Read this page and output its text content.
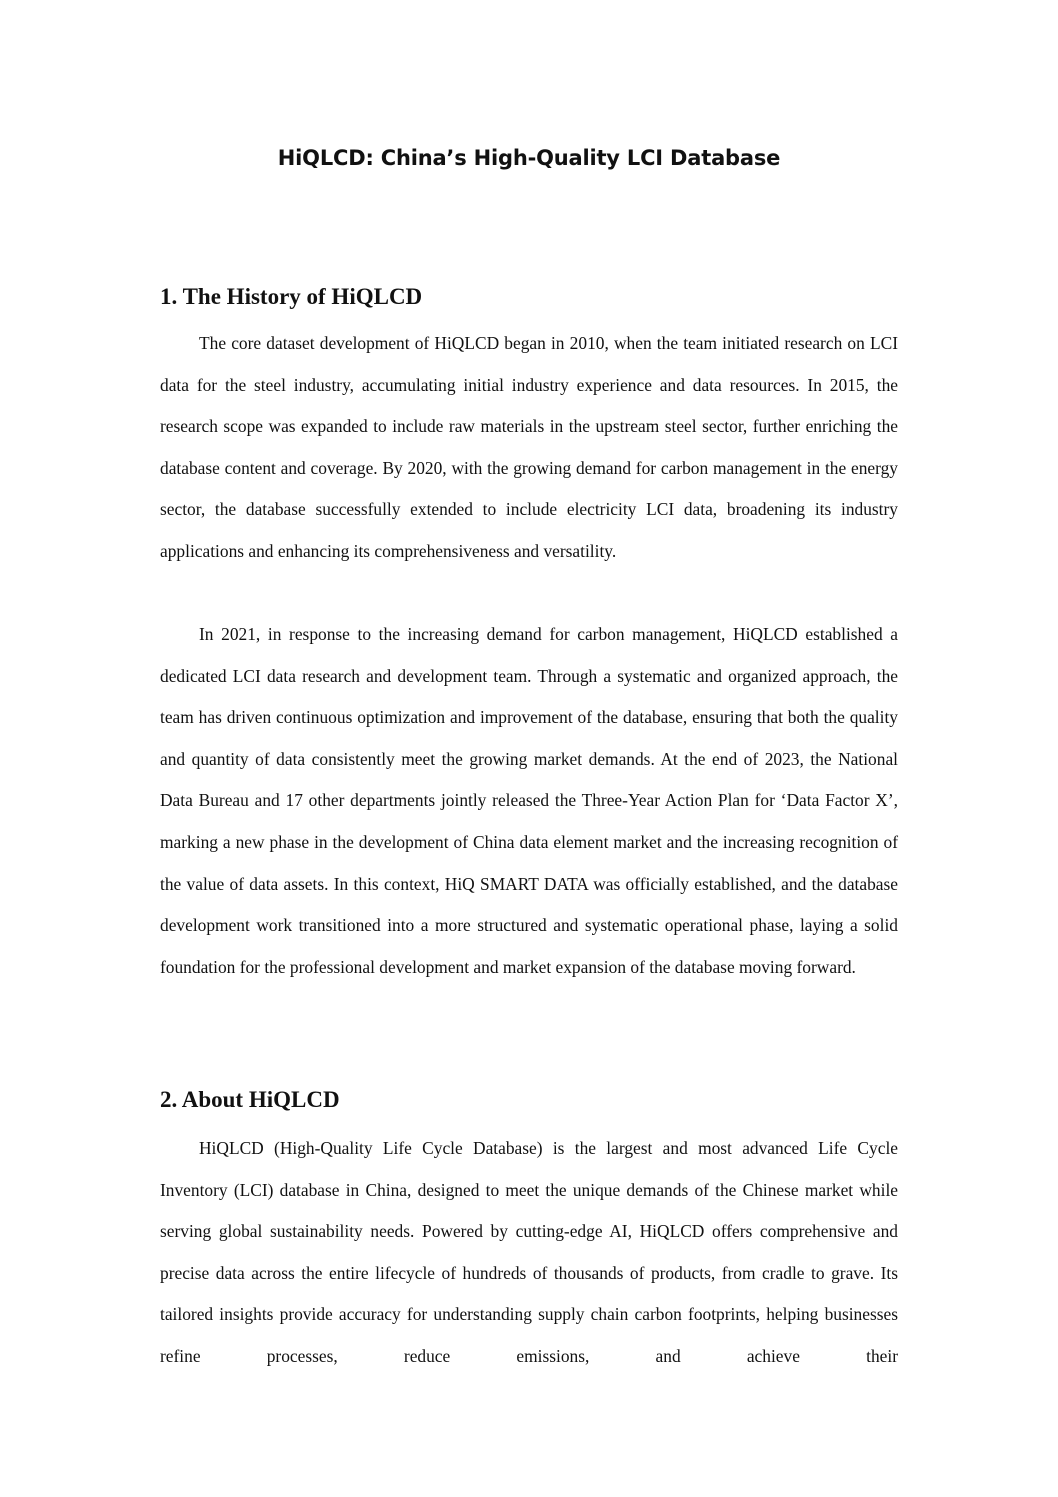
HiQLCD: China’s High-Quality LCI Database
1. The History of HiQLCD

The core dataset development of HiQLCD began in 2010, when the team initiated research on LCI data for the steel industry, accumulating initial industry experience and data resources. In 2015, the research scope was expanded to include raw materials in the upstream steel sector, further enriching the database content and coverage. By 2020, with the growing demand for carbon management in the energy sector, the database successfully extended to include electricity LCI data, broadening its industry applications and enhancing its comprehensiveness and versatility.

In 2021, in response to the increasing demand for carbon management, HiQLCD established a dedicated LCI data research and development team. Through a systematic and organized approach, the team has driven continuous optimization and improvement of the database, ensuring that both the quality and quantity of data consistently meet the growing market demands. At the end of 2023, the National Data Bureau and 17 other departments jointly released the Three-Year Action Plan for ‘Data Factor X’, marking a new phase in the development of China data element market and the increasing recognition of the value of data assets. In this context, HiQ SMART DATA was officially established, and the database development work transitioned into a more structured and systematic operational phase, laying a solid foundation for the professional development and market expansion of the database moving forward.

2. About HiQLCD

HiQLCD (High-Quality Life Cycle Database) is the largest and most advanced Life Cycle Inventory (LCI) database in China, designed to meet the unique demands of the Chinese market while serving global sustainability needs. Powered by cutting-edge AI, HiQLCD offers comprehensive and precise data across the entire lifecycle of hundreds of thousands of products, from cradle to grave. Its tailored insights provide accuracy for understanding supply chain carbon footprints, helping businesses refine processes, reduce emissions, and achieve their
